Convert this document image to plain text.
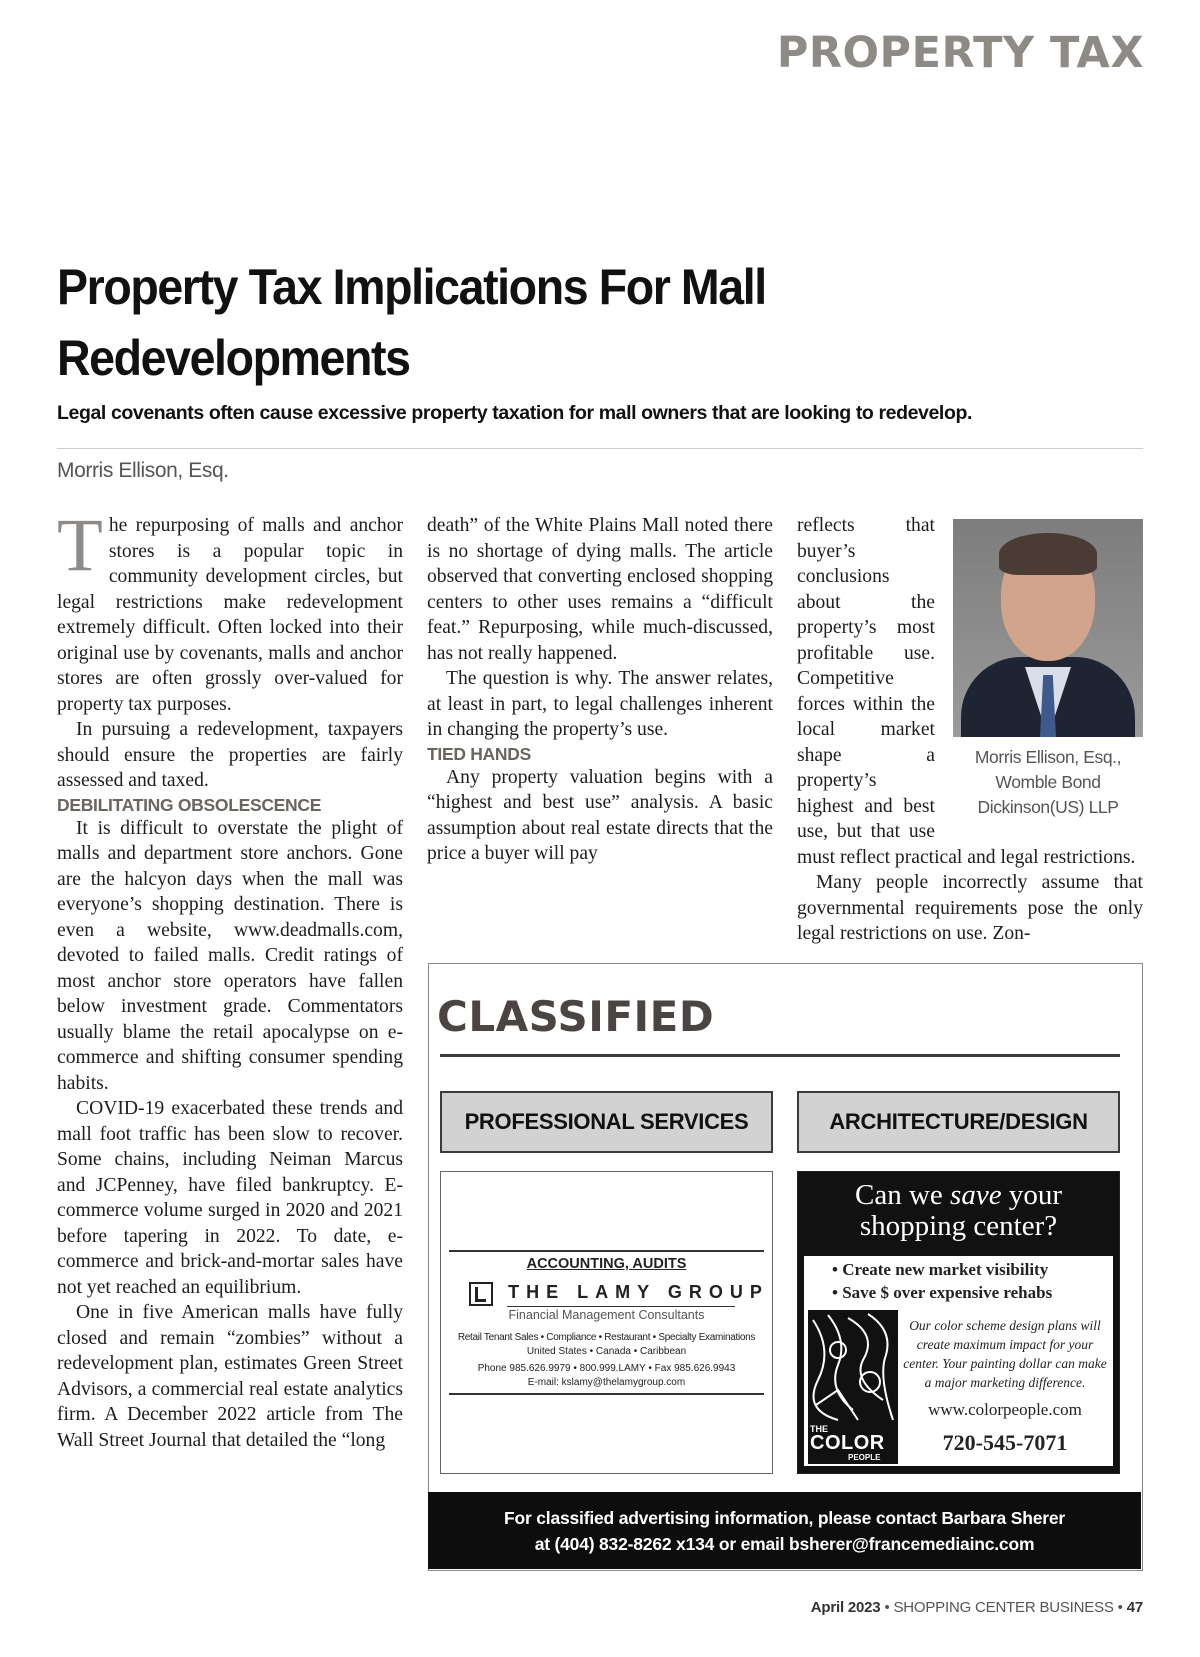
PROPERTY TAX
Property Tax Implications For Mall Redevelopments
Legal covenants often cause excessive property taxation for mall owners that are looking to redevelop.
Morris Ellison, Esq.

The repurposing of malls and anchor stores is a popular topic in community development circles, but legal restrictions make redevelopment extremely difficult. Often locked into their original use by covenants, malls and anchor stores are often grossly over-valued for property tax purposes.

In pursuing a redevelopment, taxpayers should ensure the properties are fairly assessed and taxed.

DEBILITATING OBSOLESCENCE

It is difficult to overstate the plight of malls and department store anchors. Gone are the halcyon days when the mall was everyone’s shopping destination. There is even a website, www.deadmalls.com, devoted to failed malls. Credit ratings of most anchor store operators have fallen below investment grade. Commentators usually blame the retail apocalypse on e-commerce and shifting consumer spending habits.

COVID-19 exacerbated these trends and mall foot traffic has been slow to recover. Some chains, including Neiman Marcus and JCPenney, have filed bankruptcy. E-commerce volume surged in 2020 and 2021 before tapering in 2022. To date, e-commerce and brick-and-mortar sales have not yet reached an equilibrium.

One in five American malls have fully closed and remain “zombies” without a redevelopment plan, estimates Green Street Advisors, a commercial real estate analytics firm. A December 2022 article from The Wall Street Journal that detailed the “long

death” of the White Plains Mall noted there is no shortage of dying malls. The article observed that converting enclosed shopping centers to other uses remains a “difficult feat.” Repurposing, while much-discussed, has not really happened.

The question is why. The answer relates, at least in part, to legal challenges inherent in changing the property’s use.

TIED HANDS

Any property valuation begins with a “highest and best use” analysis. A basic assumption about real estate directs that the price a buyer will pay

Morris Ellison, Esq., Womble Bond Dickinson(US) LLP

reflects that buyer’s conclusions about the property’s most profitable use. Competitive forces within the local market shape a property’s highest and best use, but that use must reflect practical and legal restrictions.

Many people incorrectly assume that governmental requirements pose the only legal restrictions on use. Zon-

CLASSIFIED
PROFESSIONAL SERVICES	ARCHITECTURE/DESIGN
ACCOUNTING, AUDITS
THE LAMY GROUP
Financial Management Consultants
Retail Tenant Sales • Compliance • Restaurant • Specialty Examinations
United States • Canada • Caribbean
Phone 985.626.9979 • 800.999.LAMY • Fax 985.626.9943
E-mail: kslamy@thelamygroup.com
Can we save your
shopping center?
• Create new market visibility
• Save $ over expensive rehabs
THE
COLOR
PEOPLE
Our color scheme design plans will create maximum impact for your center. Your painting dollar can make a major marketing difference.
www.colorpeople.com
720-545-7071
For classified advertising information, please contact Barbara Sherer
at (404) 832-8262 x134 or email bsherer@francemediainc.com
April 2023 • SHOPPING CENTER BUSINESS • 47
